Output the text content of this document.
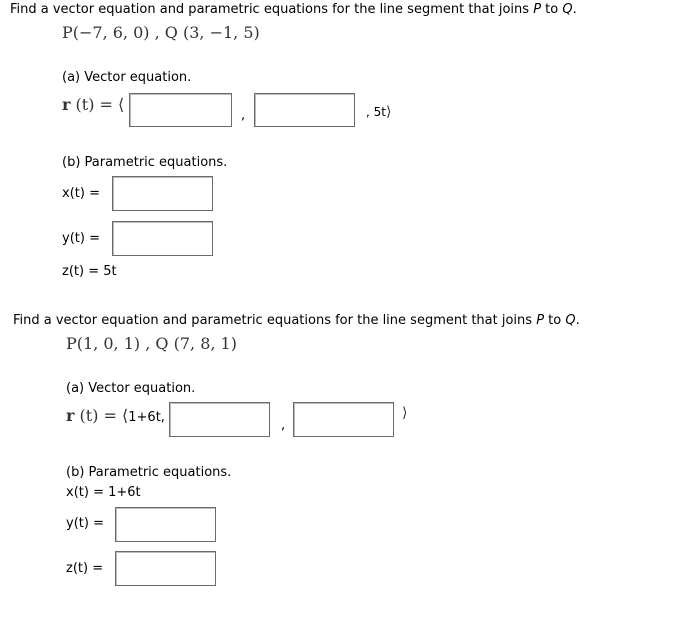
Find a vector equation and parametric equations for the line segment that joins P to Q.
P(−7, 6, 0) , Q (3, −1, 5)
(a) Vector equation.
r (t) = ⟨
,	, 5t⟩
(b) Parametric equations.
x(t) =
y(t) =
z(t) = 5t
Find a vector equation and parametric equations for the line segment that joins P to Q.
P(1, 0, 1) , Q (7, 8, 1)
(a) Vector equation.
r (t) = ⟨1+6t,
,
⟩
(b) Parametric equations.
x(t) = 1+6t
y(t) =
z(t) =
